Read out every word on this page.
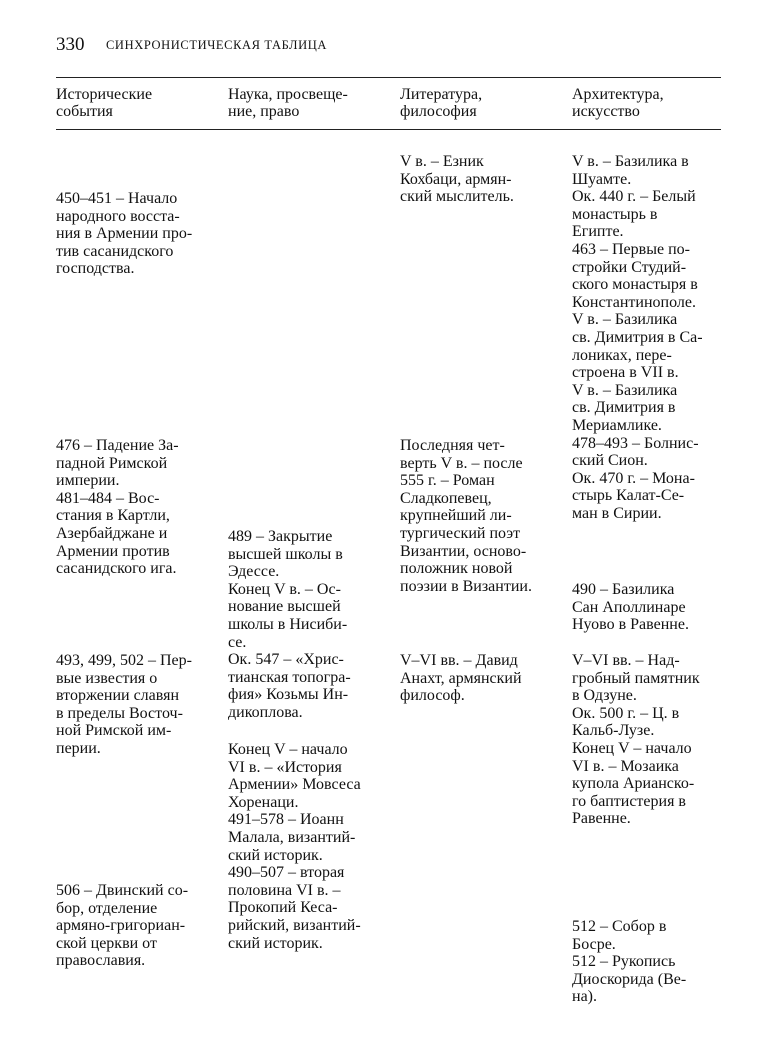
330 СИНХРОНИСТИЧЕСКАЯ ТАБЛИЦА
Исторические
события
Наука, просвеще-
ние, право
Литература,
философия
Архитектура,
искусство
450–451 – Начало
народного восста-
ния в Армении про-
тив сасанидского
господства.
476 – Падение За-
падной Римской
империи.
481–484 – Вос-
стания в Картли,
Азербайджане и
Армении против
сасанидского ига.
493, 499, 502 – Пер-
вые известия о
вторжении славян
в пределы Восточ-
ной Римской им-
перии.
506 – Двинский со-
бор, отделение
армяно-григориан-
ской церкви от
православия.
489 – Закрытие
высшей школы в
Эдессе.
Конец V в. – Ос-
нование высшей
школы в Нисиби-
се.
Ок. 547 – «Хрис-
тианская топогра-
фия» Козьмы Ин-
дикоплова.
Конец V – начало
VI в. – «История
Армении» Мовсеса
Хоренаци.
491–578 – Иоанн
Малала, византий-
ский историк.
490–507 – вторая
половина VI в. –
Прокопий Кеса-
рийский, византий-
ский историк.
V в. – Езник
Кохбаци, армян-
ский мыслитель.
Последняя чет-
верть V в. – после
555 г. – Роман
Сладкопевец,
крупнейший ли-
тургический поэт
Византии, осново-
положник новой
поэзии в Византии.
V–VI вв. – Давид
Анахт, армянский
философ.
V в. – Базилика в
Шуамте.
Ок. 440 г. – Белый
монастырь в
Египте.
463 – Первые по-
стройки Студий-
ского монастыря в
Константинополе.
V в. – Базилика
св. Димитрия в Са-
лониках, пере-
строена в VII в.
V в. – Базилика
св. Димитрия в
Мериамлике.
478–493 – Болнис-
ский Сион.
Ок. 470 г. – Мона-
стырь Калат-Се-
ман в Сирии.
490 – Базилика
Сан Аполлинаре
Нуово в Равенне.
V–VI вв. – Над-
гробный памятник
в Одзуне.
Ок. 500 г. – Ц. в
Кальб-Лузе.
Конец V – начало
VI в. – Мозаика
купола Арианско-
го баптистерия в
Равенне.
512 – Собор в
Босре.
512 – Рукопись
Диоскорида (Ве-
на).
